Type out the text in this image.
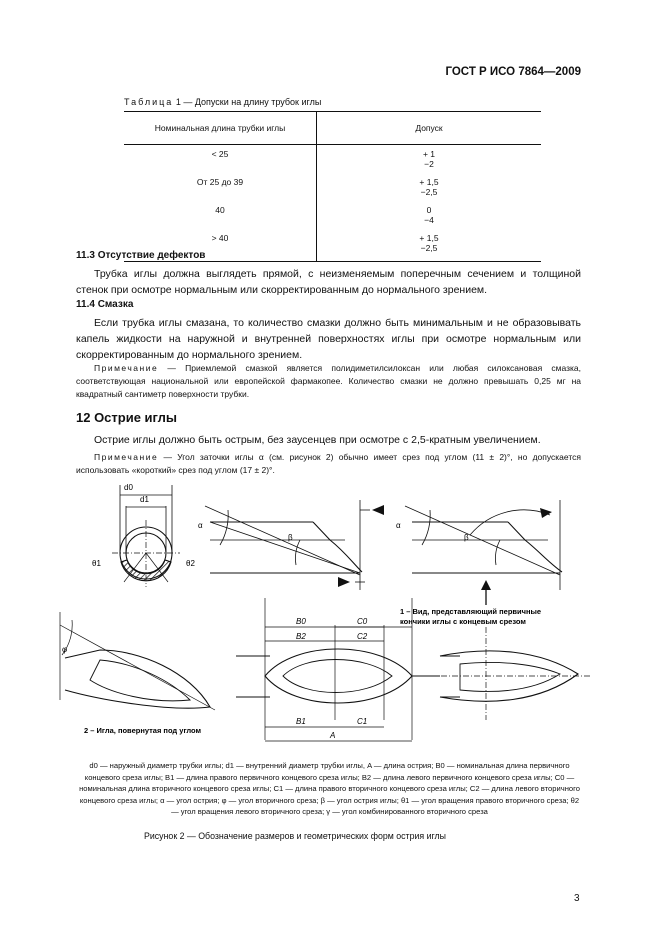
ГОСТ Р ИСО 7864—2009
Таблица 1 — Допуски на длину трубок иглы
Номинальная длина трубки иглы	Допуск
< 25	+ 1
−2

От 25 до 39	+ 1,5
−2,5

40	0
−4

> 40	+ 1,5
−2,5
11.3 Отсутствие дефектов
Трубка иглы должна выглядеть прямой, с неизменяемым поперечным сечением и толщиной стенок при осмотре нормальным или скорректированным до нормального зрением.
11.4 Смазка
Если трубка иглы смазана, то количество смазки должно быть минимальным и не образовывать капель жидкости на наружной и внутренней поверхностях иглы при осмотре нормальным или скорректированным до нормального зрением.
Примечание — Приемлемой смазкой является полидиметилсилоксан или любая силоксановая смазка, соответствующая национальной или европейской фармакопее. Количество смазки не должно превышать 0,25 мг на квадратный сантиметр поверхности трубки.
12 Острие иглы
Острие иглы должно быть острым, без заусенцев при осмотре с 2,5-кратным увеличением.
Примечание — Угол заточки иглы α (см. рисунок 2) обычно имеет срез под углом (11 ± 2)°, но допускается использовать «короткий» срез под углом (17 ± 2)°.
d0
d1
θ1	θ2
α
β
α
β
1 – Вид, представляющий первичные
кончики иглы с концевым срезом
B0
B2
B1
C0
C2
C1
A
φ
2 – Игла, повернутая под углом
d0 — наружный диаметр трубки иглы; d1 — внутренний диаметр трубки иглы, A — длина острия; B0 — номинальная длина первичного концевого среза иглы; B1 — длина правого первичного концевого среза иглы; B2 — длина левого первичного концевого среза иглы; C0 — номинальная длина вторичного концевого среза иглы; C1 — длина правого вторичного концевого среза иглы; C2 — длина левого вторичного концевого среза иглы; α — угол острия; φ — угол вторичного среза; β — угол острия иглы; θ1 — угол вращения правого вторичного среза; θ2 — угол вращения левого вторичного среза; γ — угол комбинированного вторичного среза
Рисунок 2 — Обозначение размеров и геометрических форм острия иглы
3
